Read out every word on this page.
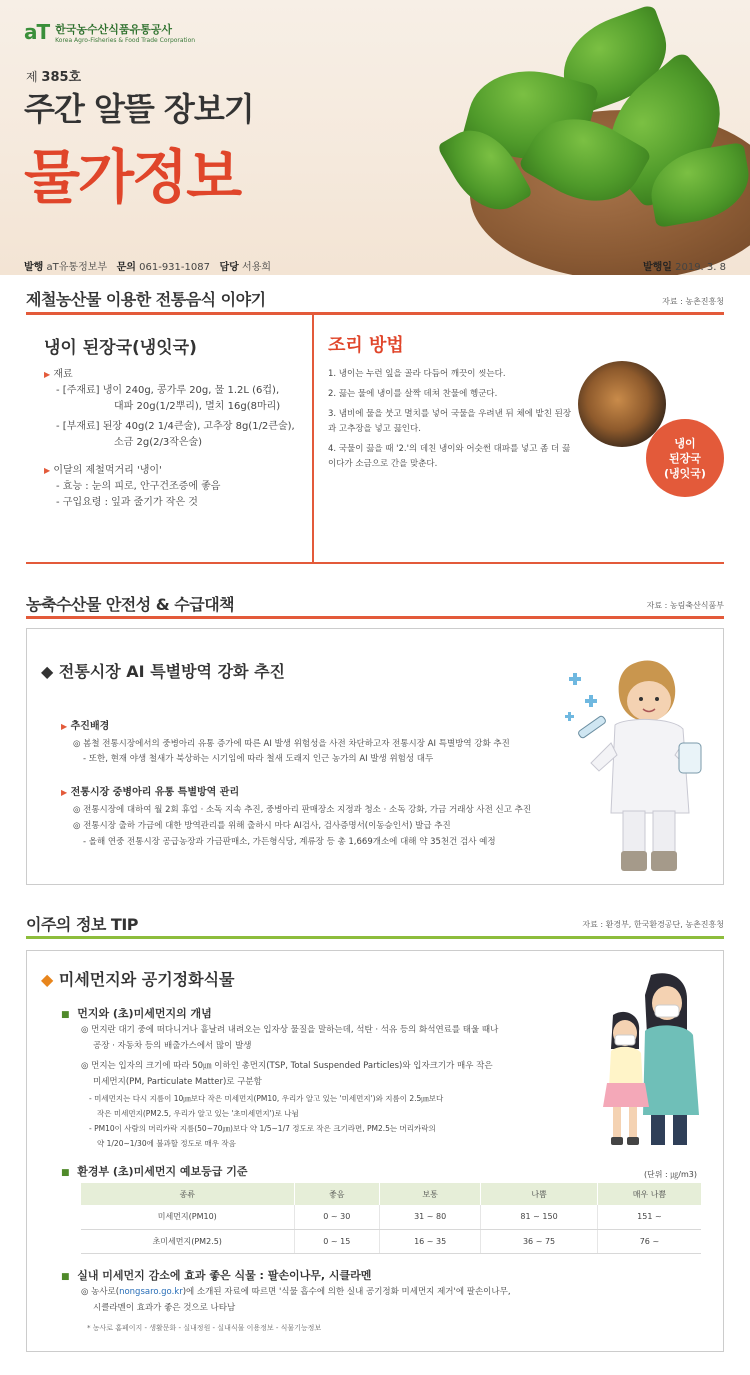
aT 한국농수산식품유통공사
Korea Agro-Fisheries & Food Trade Corporation
제 385호
주간 알뜰 장보기
물가정보
발행 aT유통정보부 문의 061-931-1087 담당 서용희	발행일 2019. 3. 8
제철농산물 이용한 전통음식 이야기	자료 : 농촌진흥청
냉이 된장국(냉잇국)
▶ 재료
- [주재료] 냉이 240g, 콩가루 20g, 물 1.2L (6컵),
대파 20g(1/2뿌리), 멸치 16g(8마리)
- [부재료] 된장 40g(2 1/4큰술), 고추장 8g(1/2큰술),
소금 2g(2/3작은술)
▶ 이달의 제철먹거리 '냉이'
- 효능 : 눈의 피로, 안구건조증에 좋음
- 구입요령 : 잎과 줄기가 작은 것
조리 방법

1. 냉이는 누런 잎을 골라 다듬어 깨끗이 씻는다.

2. 끓는 물에 냉이를 살짝 데쳐 찬물에 헹군다.

3. 냄비에 물을 붓고 멸치를 넣어 국물을 우려낸 뒤 체에 밭친 된장과 고추장을 넣고 끓인다.

4. 국물이 끓을 때 '2.'의 데친 냉이와 어슷썬 대파를 넣고 좀 더 끓이다가 소금으로 간을 맞춘다.

냉이
된장국
(냉잇국)
농축수산물 안전성 & 수급대책	자료 : 농림축산식품부
◆ 전통시장 AI 특별방역 강화 추진
▶ 추진배경
◎ 봄철 전통시장에서의 중병아리 유통 증가에 따른 AI 발생 위험성을 사전 차단하고자 전통시장 AI 특별방역 강화 추진
- 또한, 현재 야생 철새가 북상하는 시기임에 따라 철새 도래지 인근 농가의 AI 발생 위험성 대두
▶ 전통시장 중병아리 유통 특별방역 관리
◎ 전통시장에 대하여 월 2회 휴업 · 소독 지속 추진, 중병아리 판매장소 지정과 청소 · 소독 강화, 가금 거래상 사전 신고 추진
◎ 전통시장 출하 가금에 대한 방역관리를 위해 출하시 마다 AI검사, 검사증명서(이동승인서) 발급 추진
- 올해 연중 전통시장 공급농장과 가금판매소, 가든형식당, 계류장 등 총 1,669개소에 대해 약 35천건 검사 예정
이주의 정보 TIP	자료 : 환경부, 한국환경공단, 농촌진흥청
◆ 미세먼지와 공기정화식물
■ 먼지와 (초)미세먼지의 개념
◎ 먼지란 대기 중에 떠다니거나 흩날려 내려오는 입자상 물질을 말하는데, 석탄 · 석유 등의 화석연료를 태울 때나
공장 · 자동차 등의 배출가스에서 많이 발생
◎ 먼지는 입자의 크기에 따라 50㎛ 이하인 총먼지(TSP, Total Suspended Particles)와 입자크기가 매우 작은
미세먼지(PM, Particulate Matter)로 구분함
- 미세먼지는 다시 지름이 10㎛보다 작은 미세먼지(PM10, 우리가 알고 있는 '미세먼지')와 지름이 2.5㎛보다
작은 미세먼지(PM2.5, 우리가 알고 있는 '초미세먼지')로 나뉨
- PM10이 사람의 머리카락 지름(50~70㎛)보다 약 1/5~1/7 정도로 작은 크기라면, PM2.5는 머리카락의
약 1/20~1/30에 불과할 정도로 매우 작음
■ 환경부 (초)미세먼지 예보등급 기준	(단위 : ㎍/m3)
종류	좋음	보통	나쁨	매우 나쁨
미세먼지(PM10)	0 ~ 30	31 ~ 80	81 ~ 150	151 ~
초미세먼지(PM2.5)	0 ~ 15	16 ~ 35	36 ~ 75	76 ~
■ 실내 미세먼지 감소에 효과 좋은 식물 : 팔손이나무, 시클라멘
◎ 농사로(nongsaro.go.kr)에 소개된 자료에 따르면 '식물 흡수에 의한 실내 공기정화 미세먼지 제거'에 팔손이나무,
시클라멘이 효과가 좋은 것으로 나타남
* 농사로 홈페이지 - 생활문화 - 실내정원 - 실내식물 이용정보 - 식물기능정보
